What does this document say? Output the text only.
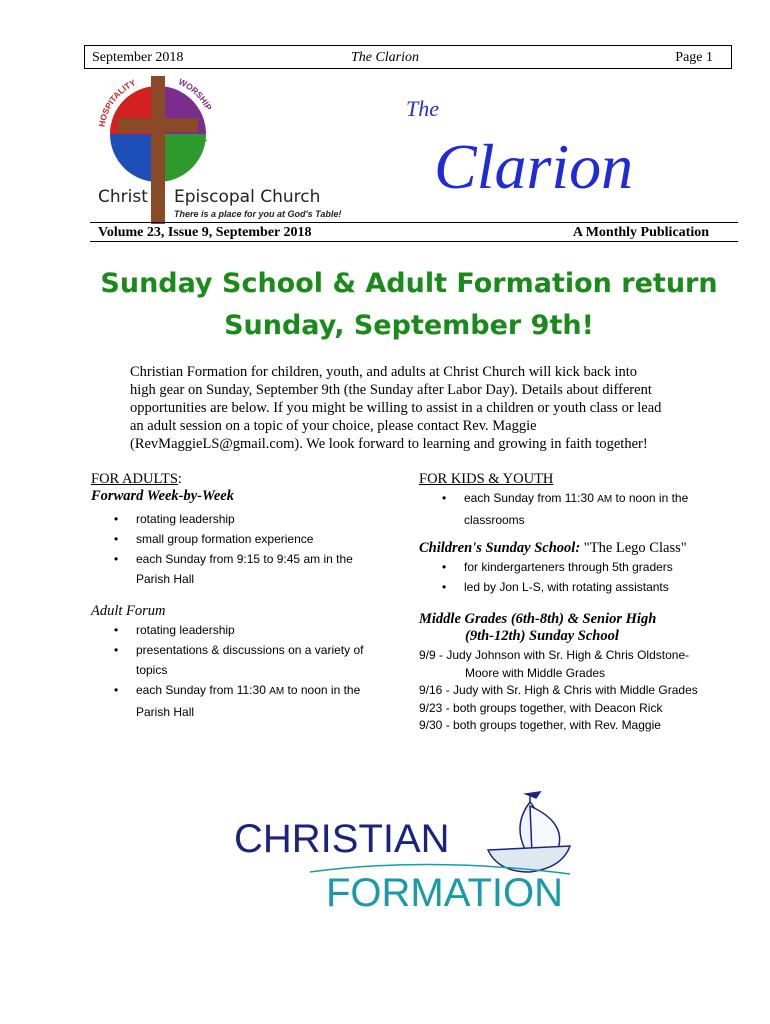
September 2018	The Clarion	Page 1
HOSPITALITY	WORSHIP
OUTREACH EDUCATION
Christ Episcopal Church
There is a place for you at God's Table!
The
Clarion
Volume 23, Issue 9, September 2018	A Monthly Publication
Sunday School & Adult Formation return
Sunday, September 9th!
Christian Formation for children, youth, and adults at Christ Church will kick back into
high gear on Sunday, September 9th (the Sunday after Labor Day). Details about different
opportunities are below. If you might be willing to assist in a children or youth class or lead
an adult session on a topic of your choice, please contact Rev. Maggie
(RevMaggieLS@gmail.com). We look forward to learning and growing in faith together!
FOR ADULTS:
Forward Week-by-Week
• rotating leadership
• small group formation experience
• each Sunday from 9:15 to 9:45 am in the
Parish Hall
Adult Forum
• rotating leadership
• presentations & discussions on a variety of
topics
• each Sunday from 11:30 AM to noon in the
Parish Hall
FOR KIDS & YOUTH
• each Sunday from 11:30 AM to noon in the
classrooms
Children's Sunday School: "The Lego Class"
• for kindergarteners through 5th graders
• led by Jon L-S, with rotating assistants
Middle Grades (6th-8th) & Senior High
(9th-12th) Sunday School
9/9 - Judy Johnson with Sr. High & Chris Oldstone-
Moore with Middle Grades
9/16 - Judy with Sr. High & Chris with Middle Grades
9/23 - both groups together, with Deacon Rick
9/30 - both groups together, with Rev. Maggie
CHRISTIAN
FORMATION
